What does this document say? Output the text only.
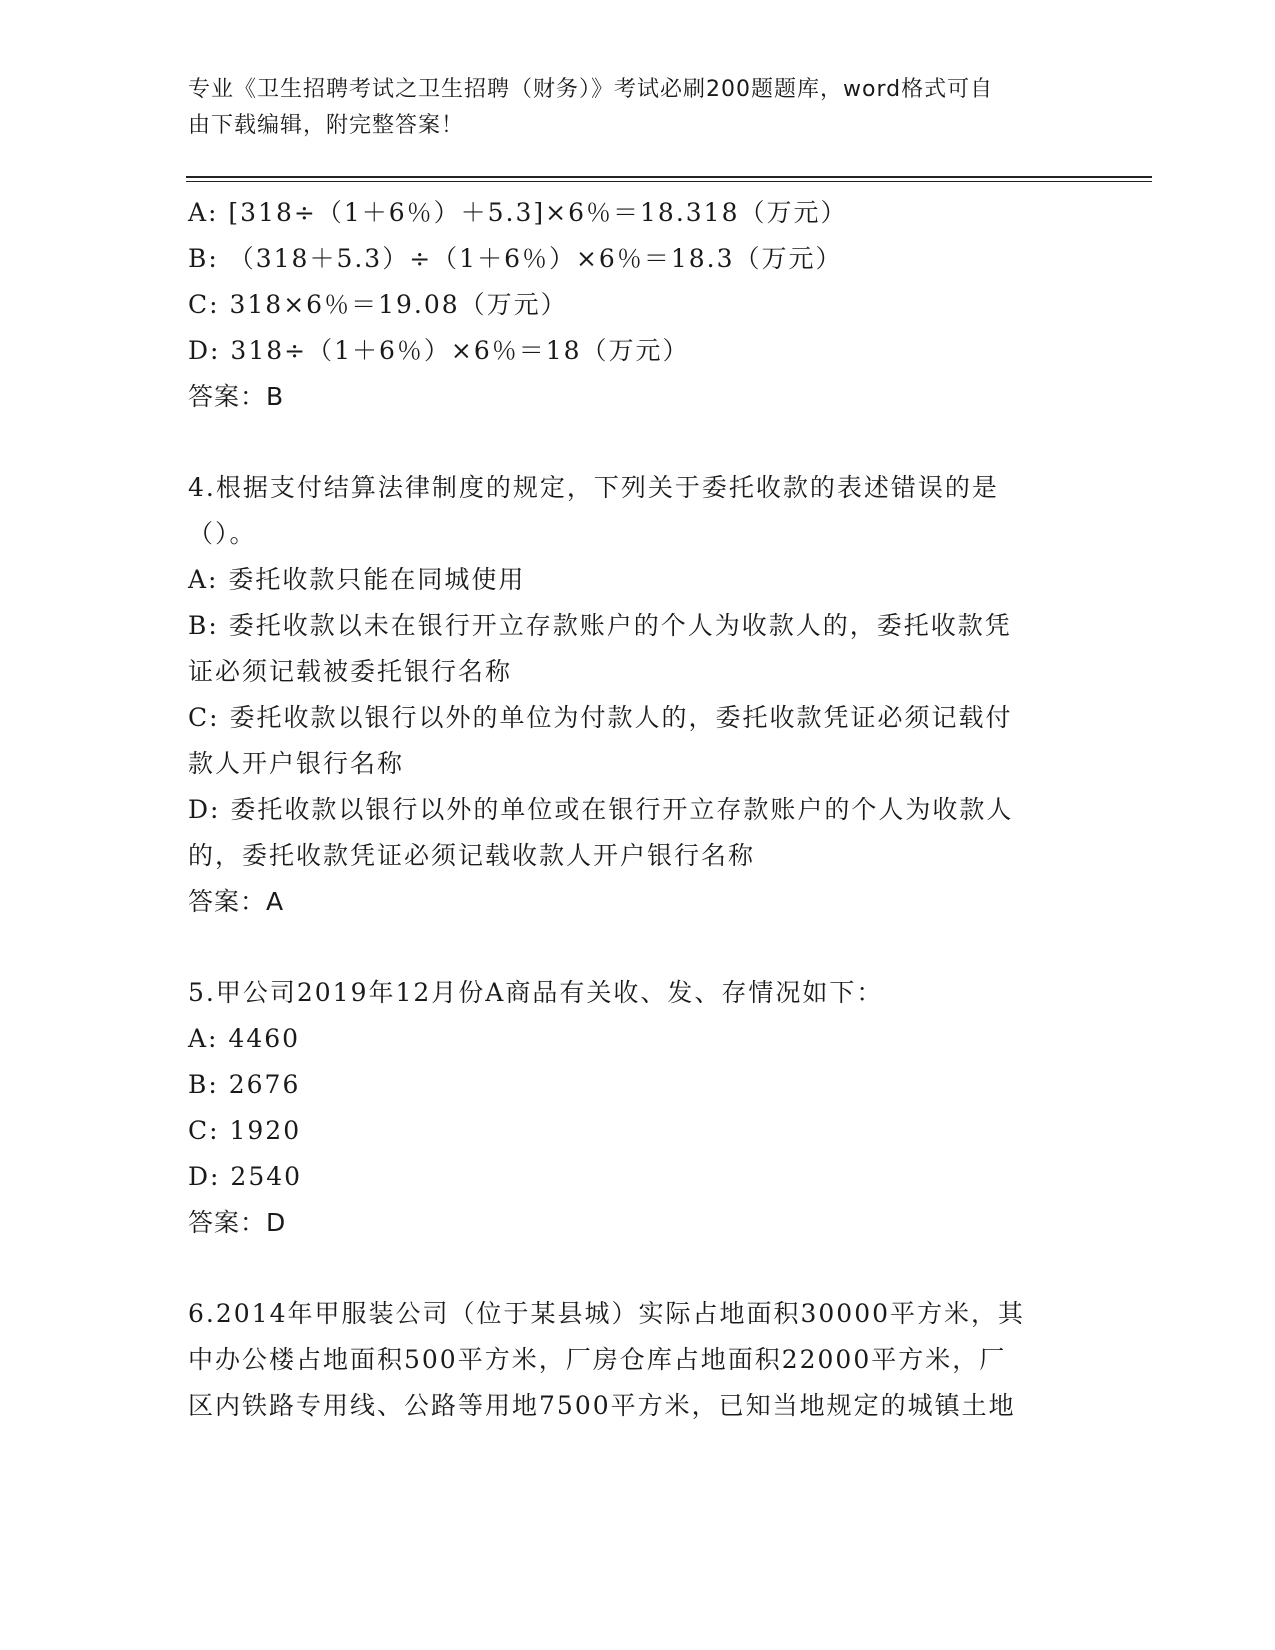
专业《卫生招聘考试之卫生招聘（财务）》考试必刷200题题库，word格式可自
由下载编辑，附完整答案！
A: [318÷（1＋6％）＋5.3]×6％＝18.318（万元）
B: （318＋5.3）÷（1＋6％）×6％＝18.3（万元）
C: 318×6％＝19.08（万元）
D: 318÷（1＋6％）×6％＝18（万元）
答案：B
4.根据支付结算法律制度的规定，下列关于委托收款的表述错误的是
（）。
A: 委托收款只能在同城使用
B: 委托收款以未在银行开立存款账户的个人为收款人的，委托收款凭
证必须记载被委托银行名称
C: 委托收款以银行以外的单位为付款人的，委托收款凭证必须记载付
款人开户银行名称
D: 委托收款以银行以外的单位或在银行开立存款账户的个人为收款人
的，委托收款凭证必须记载收款人开户银行名称
答案：A
5.甲公司2019年12月份A商品有关收、发、存情况如下：
A: 4460
B: 2676
C: 1920
D: 2540
答案：D
6.2014年甲服装公司（位于某县城）实际占地面积30000平方米，其
中办公楼占地面积500平方米，厂房仓库占地面积22000平方米，厂
区内铁路专用线、公路等用地7500平方米，已知当地规定的城镇土地
